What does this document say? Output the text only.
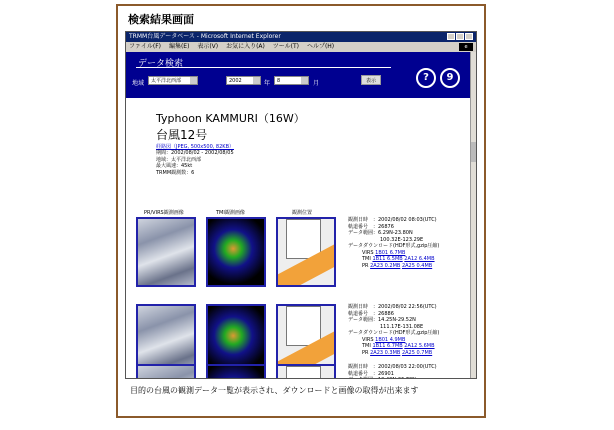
検索結果画面
TRMM台風データベース - Microsoft Internet Explorer
ファイル(F) 編集(E) 表示(V) お気に入り(A) ツール(T) ヘルプ(H)	e
データ検索
地域	太平洋北西部	2002	年	8	月	表示	?	9
Typhoon KAMMURI（16W）
台風12号
経路図（JPEG, 500x500, 82KB）
期間：2002/08/02 - 2002/08/05
地域：太平洋北西部
最大風速：45kt
TRMM観測数：6
PR/VIRS観測画像	TMI観測画像	観測位置
観測日時　：2002/08/02 08:03(UTC)
軌道番号　：26876
データ範囲：6.29N-23.80N
100.32E-123.29E
データダウンロード(HDF形式,gzip圧縮)
VIRS 1B01 6.7MB
TMI 1B11 6.5MB 2A12 6.4MB
PR 2A23 0.2MB 2A25 0.4MB
観測日時　：2002/08/02 22:56(UTC)
軌道番号　：26886
データ範囲：14.25N-29.52N
111.17E-131.08E
データダウンロード(HDF形式,gzip圧縮)
VIRS 1B01 4.9MB
TMI 1B11 6.7MB 2A12 5.6MB
PR 2A23 0.3MB 2A25 0.7MB
観測日時　：2002/08/03 22:00(UTC)
軌道番号　：26901
目的の台風の観測データ一覧が表示され、ダウンロードと画像の取得が出来ます
